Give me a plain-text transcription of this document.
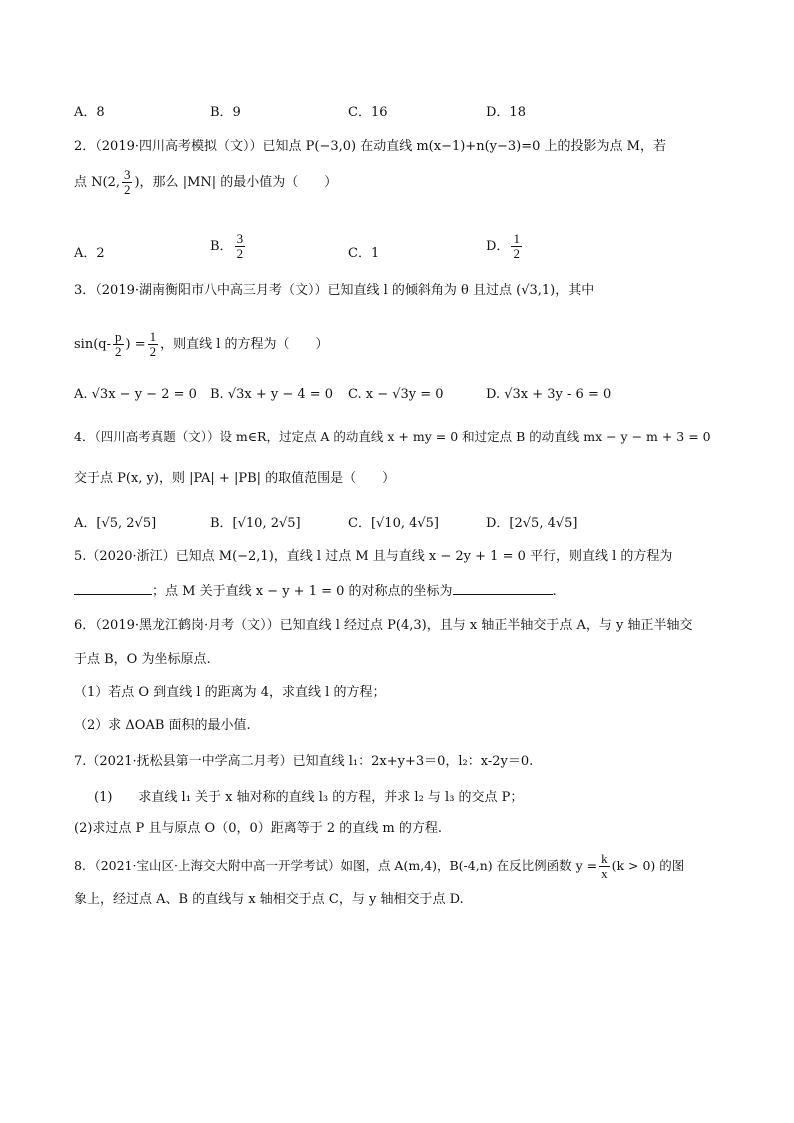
A．8	B．9	C．16	D．18
2．（2019·四川高考模拟（文））已知点 P(−3,0) 在动直线 m(x−1)+n(y−3)=0 上的投影为点 M，若
点 N(2, $\frac{3}{2}$ )，那么 |MN| 的最小值为（　　）
A．2	B． $\frac{3}{2}$	C．1	D． $\frac{1}{2}$
3．（2019·湖南衡阳市八中高三月考（文））已知直线 l 的倾斜角为 θ 且过点 (√3,1)，其中
$\sin(q- \frac{p}{2}$ ) = $\frac{1}{2}$ ，则直线 l 的方程为（　　）
A. √3x − y − 2 = 0 B. √3x + y − 4 = 0 C. x − √3y = 0	D. √3x + 3y - 6 = 0
4．（四川高考真题（文））设 m∈R，过定点 A 的动直线 x + my = 0 和过定点 B 的动直线 mx − y − m + 3 = 0
交于点 P(x, y)，则 |PA| + |PB| 的取值范围是（　　）
A．[√5, 2√5]	B．[√10, 2√5]	C．[√10, 4√5]	D．[2√5, 4√5]
5.（2020·浙江）已知点 M(−2,1)，直线 l 过点 M 且与直线 x − 2y + 1 = 0 平行，则直线 l 的方程为
；点 M 关于直线 x − y + 1 = 0 的对称点的坐标为	.
6．（2019·黑龙江鹤岗·月考（文））已知直线 l 经过点 P(4,3)，且与 x 轴正半轴交于点 A，与 y 轴正半轴交
于点 B，O 为坐标原点.
（1）若点 O 到直线 l 的距离为 4，求直线 l 的方程；
（2）求 ΔOAB 面积的最小值.
7.（2021·抚松县第一中学高二月考）已知直线 l₁：2x+y+3＝0，l₂：x-2y＝0.
(1)　　求直线 l₁ 关于 x 轴对称的直线 l₃ 的方程，并求 l₂ 与 l₃ 的交点 P；
(2)求过点 P 且与原点 O（0，0）距离等于 2 的直线 m 的方程.
8．（2021·宝山区·上海交大附中高一开学考试）如图，点 A(m,4)，B(-4,n) 在反比例函数 $y = \frac{k}{x} (k > 0)$ 的图
象上，经过点 A、B 的直线与 x 轴相交于点 C，与 y 轴相交于点 D.
